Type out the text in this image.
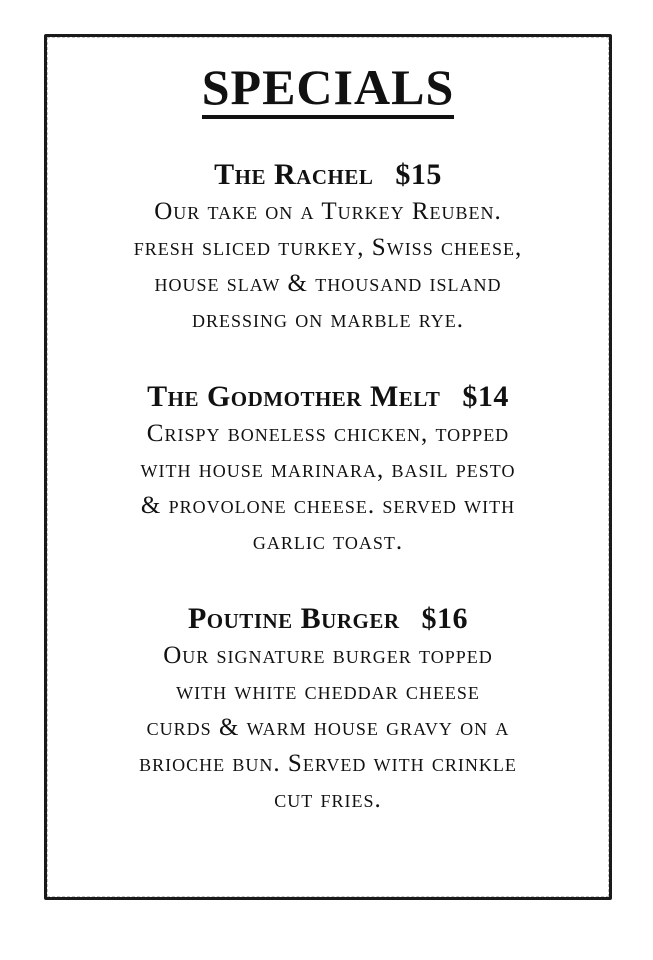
SPECIALS
The Rachel $15
Our take on a Turkey Reuben.
fresh sliced turkey, Swiss cheese,
house slaw & thousand island
dressing on marble rye.
The Godmother Melt $14
Crispy boneless chicken, topped
with house marinara, basil pesto
& provolone cheese. served with
garlic toast.
Poutine Burger $16
Our signature burger topped
with white cheddar cheese
curds & warm house gravy on a
brioche bun. Served with crinkle
cut fries.
